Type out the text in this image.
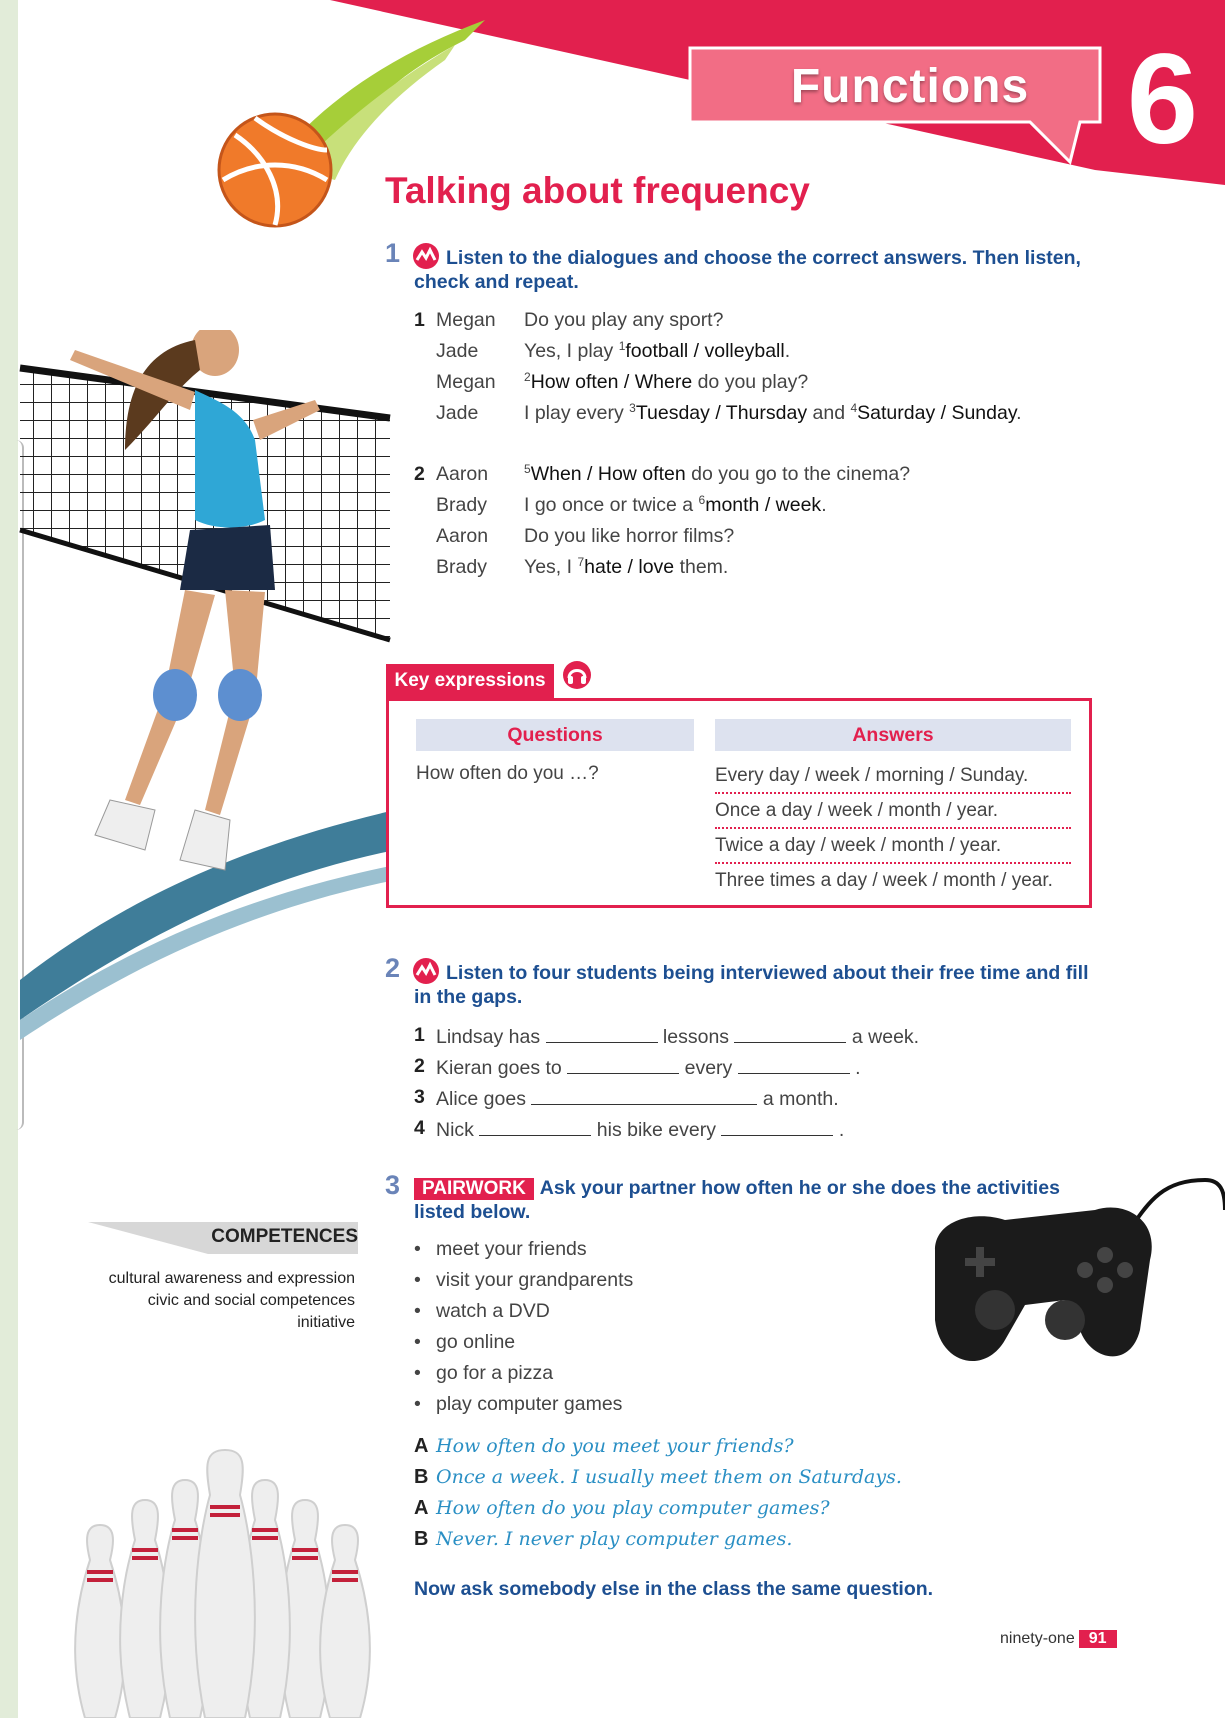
Functions 6
Talking about frequency
1	Listen to the dialogues and choose the correct answers. Then listen, check and repeat.
1 Megan Do you play any sport?
Jade Yes, I play $^1$football / volleyball.
Megan $^2$How often / Where do you play?
Jade I play every $^3$Tuesday / Thursday and $^4$Saturday / Sunday.
2 Aaron	$^5$When / How often do you go to the cinema?
Brady I go once or twice a $^6$month / week.
Aaron Do you like horror films?
Brady Yes, I $^7$hate / love them.
Key expressions
Questions	Answers
How often do you …?	Every day / week / morning / Sunday.
Once a day / week / month / year.
Twice a day / week / month / year.
Three times a day / week / month / year.
2	Listen to four students being interviewed about their free time and fill in the gaps.
1 Lindsay has	lessons	a week.
2 Kieran goes to	every	.
3 Alice goes	a month.
4 Nick	his bike every	.
3	PAIRWORK Ask your partner how often he or she does the activities listed below.
• meet your friends
• visit your grandparents
• watch a DVD
• go online
• go for a pizza
• play computer games
A How often do you meet your friends?
B Once a week. I usually meet them on Saturdays.
A How often do you play computer games?
B Never. I never play computer games.
Now ask somebody else in the class the same question.
COMPETENCES
cultural awareness and expression
civic and social competences
initiative
ninety-one 91
